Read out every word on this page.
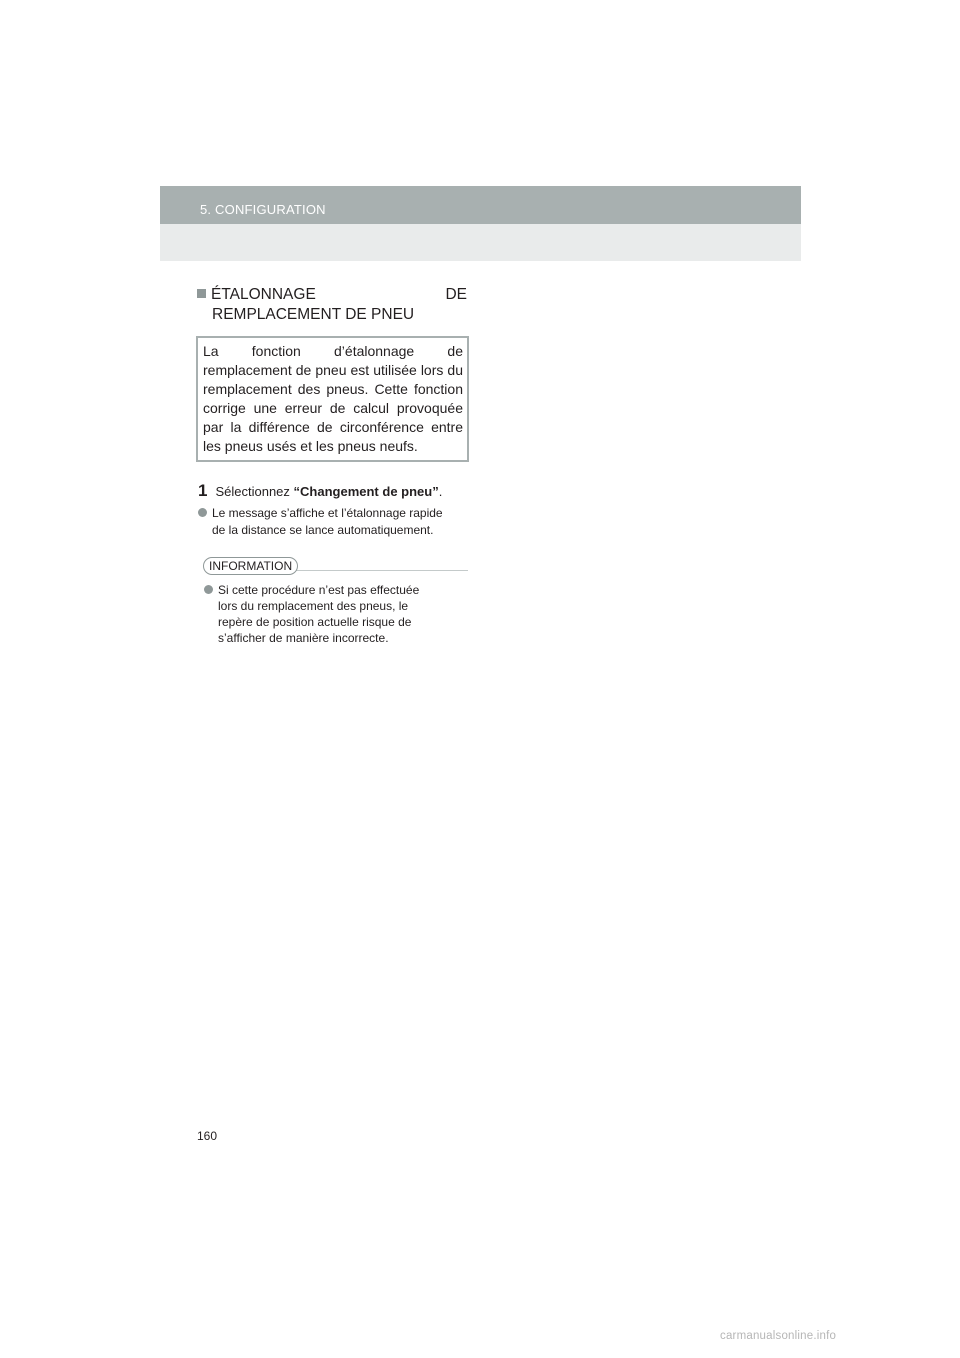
5. CONFIGURATION
ÉTALONNAGE	DE
REMPLACEMENT DE PNEU
La fonction d’étalonnage de remplacement de pneu est utilisée lors du remplacement des pneus. Cette fonction corrige une erreur de calcul provoquée par la différence de circonférence entre les pneus usés et les pneus neufs.
1 Sélectionnez “Changement de pneu”.
Le message s’affiche et l’étalonnage rapide
de la distance se lance automatiquement.
INFORMATION
Si cette procédure n’est pas effectuée
lors du remplacement des pneus, le
repère de position actuelle risque de
s’afficher de manière incorrecte.
160
carmanualsonline.info
